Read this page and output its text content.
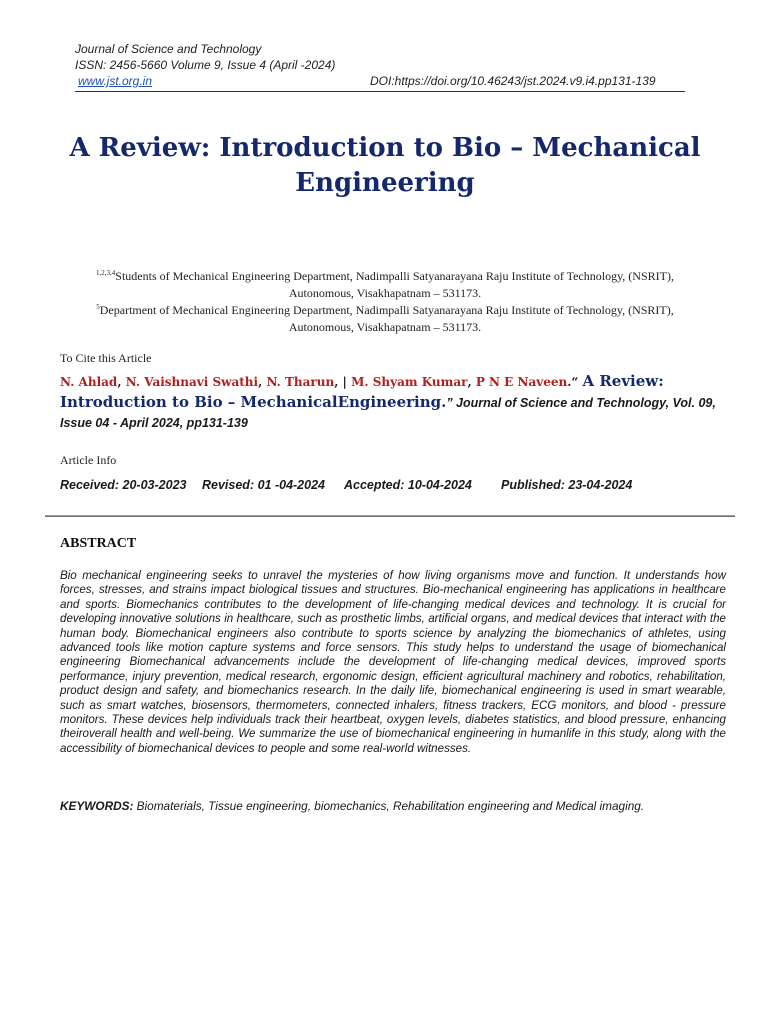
Journal of Science and Technology
ISSN: 2456-5660 Volume 9, Issue 4 (April -2024)
www.jst.org.in	DOI:https://doi.org/10.46243/jst.2024.v9.i4.pp131-139
A Review: Introduction to Bio – Mechanical Engineering
$^{1,2,3,4}$Students of Mechanical Engineering Department, Nadimpalli Satyanarayana Raju Institute of Technology, (NSRIT),
Autonomous, Visakhapatnam – 531173.
$^5$Department of Mechanical Engineering Department, Nadimpalli Satyanarayana Raju Institute of Technology, (NSRIT),
Autonomous, Visakhapatnam – 531173.
To Cite this Article
N. Ahlad, N. Vaishnavi Swathi, N. Tharun, | M. Shyam Kumar, P N E Naveen.“ A Review: Introduction to Bio – MechanicalEngineering.” Journal of Science and Technology, Vol. 09, Issue 04 - April 2024, pp131-139
Article Info
Received: 20-03-2023 Revised: 01 -04-2024 Accepted: 10-04-2024 Published: 23-04-2024
ABSTRACT

Bio mechanical engineering seeks to unravel the mysteries of how living organisms move and function. It understands how forces, stresses, and strains impact biological tissues and structures. Bio-mechanical engineering has applications in healthcare and sports. Biomechanics contributes to the development of life-changing medical devices and technology. It is crucial for developing innovative solutions in healthcare, such as prosthetic limbs, artificial organs, and medical devices that interact with the human body. Biomechanical engineers also contribute to sports science by analyzing the biomechanics of athletes, using advanced tools like motion capture systems and force sensors. This study helps to understand the usage of biomechanical engineering Biomechanical advancements include the development of life-changing medical devices, improved sports performance, injury prevention, medical research, ergonomic design, efficient agricultural machinery and robotics, rehabilitation, product design and safety, and biomechanics research. In the daily life, biomechanical engineering is used in smart wearable, such as smart watches, biosensors, thermometers, connected inhalers, fitness trackers, ECG monitors, and blood - pressure monitors. These devices help individuals track their heartbeat, oxygen levels, diabetes statistics, and blood pressure, enhancing theiroverall health and well-being. We summarize the use of biomechanical engineering in humanlife in this study, along with the accessibility of biomechanical devices to people and some real-world witnesses.

KEYWORDS: Biomaterials, Tissue engineering, biomechanics, Rehabilitation engineering and Medical imaging.
